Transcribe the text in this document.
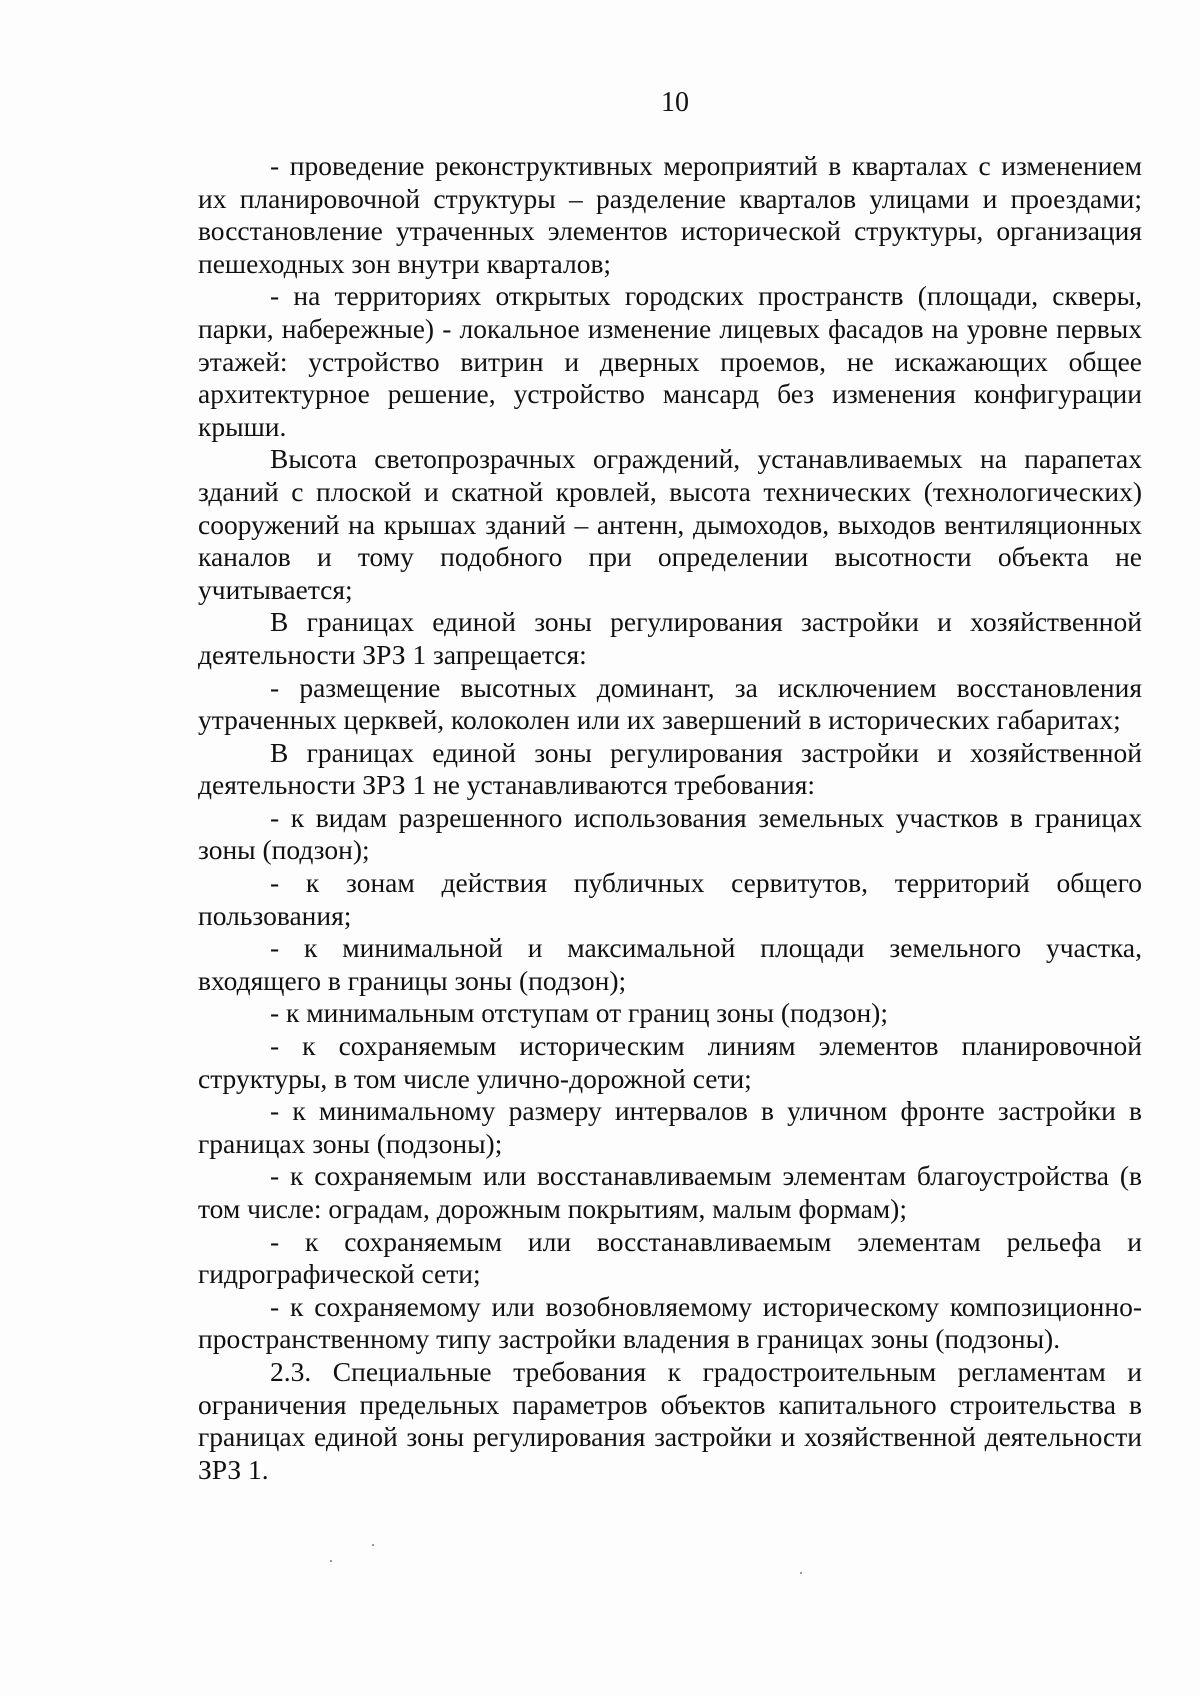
10

- проведение реконструктивных мероприятий в кварталах с изменением их планировочной структуры – разделение кварталов улицами и проездами; восстановление утраченных элементов исторической структуры, организация пешеходных зон внутри кварталов;

- на территориях открытых городских пространств (площади, скверы, парки, набережные) - локальное изменение лицевых фасадов на уровне первых этажей: устройство витрин и дверных проемов, не искажающих общее архитектурное решение, устройство мансард без изменения конфигурации крыши.

Высота светопрозрачных ограждений, устанавливаемых на парапетах зданий с плоской и скатной кровлей, высота технических (технологических) сооружений на крышах зданий – антенн, дымоходов, выходов вентиляционных каналов и тому подобного при определении высотности объекта не учитывается;

В границах единой зоны регулирования застройки и хозяйственной деятельности ЗРЗ 1 запрещается:

- размещение высотных доминант, за исключением восстановления утраченных церквей, колоколен или их завершений в исторических габаритах;

В границах единой зоны регулирования застройки и хозяйственной деятельности ЗРЗ 1 не устанавливаются требования:

- к видам разрешенного использования земельных участков в границах зоны (подзон);

- к зонам действия публичных сервитутов, территорий общего пользования;

- к минимальной и максимальной площади земельного участка, входящего в границы зоны (подзон);

- к минимальным отступам от границ зоны (подзон);

- к сохраняемым историческим линиям элементов планировочной структуры, в том числе улично-дорожной сети;

- к минимальному размеру интервалов в уличном фронте застройки в границах зоны (подзоны);

- к сохраняемым или восстанавливаемым элементам благоустройства (в том числе: оградам, дорожным покрытиям, малым формам);

- к сохраняемым или восстанавливаемым элементам рельефа и гидрографической сети;

- к сохраняемому или возобновляемому историческому композиционно-пространственному типу застройки владения в границах зоны (подзоны).

2.3. Специальные требования к градостроительным регламентам и ограничения предельных параметров объектов капитального строительства в границах единой зоны регулирования застройки и хозяйственной деятельности ЗРЗ 1.
